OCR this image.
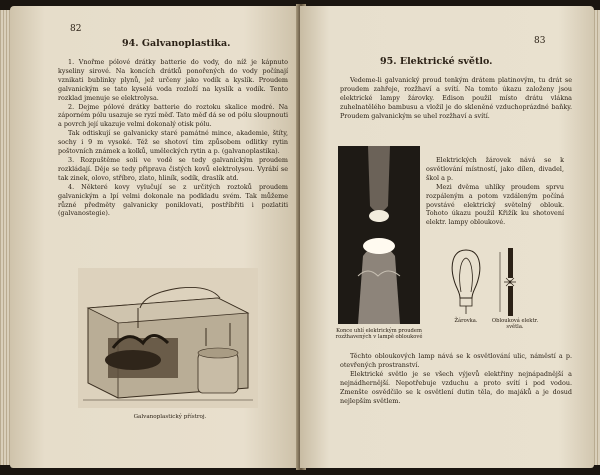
82
94. Galvanoplastika.

1. Vnořme pólové drátky batterie do vody, do níž je kápnuto kyseliny sirové. Na koncích drátků ponořených do vody počínají vznikati bublinky plynů, jež určeny jako vodík a kyslík. Proudem galvanickým se tato kyselá voda rozloží na kyslík a vodík. Tento rozklad jmenuje se elektrolysa.

2. Dejme pólové drátky batterie do roztoku skalice modré. Na záporném pólu usazuje se ryzí měď. Tato měď dá se od pólu sloupnouti a povrch její ukazuje velmi dokonalý otisk pólu.

Tak odtiskují se galvanicky staré památné mince, akademie, štíty, sochy i 9 m vysoké. Též se shotoví tím způsobem odlitky rytin poštovních známek a kolků, uměleckých rytin a p. (galvanoplastika).

3. Rozpuštěme soli ve vodě se tedy galvanickým proudem rozkládají. Děje se tedy připrava čistých kovů elektrolysou. Vyrábí se tak zinek, olovo, stříbro, zlato, hliník, sodík, draslík atd.

4. Některé kovy vylučují se z určitých roztoků proudem galvanickým a lpí velmi dokonale na podkladu svém. Tak můžeme různé předměty galvanicky poniklovati, postříbřiti i pozlatiti (galvanostegie).

Galvanoplastický přístroj.
83
95. Elektrické světlo.

Vedeme-li galvanický proud tenkým drátem platinovým, tu drát se proudem zahřeje, rozžhaví a svítí. Na tomto úkazu založeny jsou elektrické lampy žárovky. Edison použil místo drátu vlákna zuhelnatělého bambusu a vložil je do skleněné vzduchoprázdné baňky. Proudem galvanickým se uhel rozžhaví a svítí.

Konce uhlí elektrickým proudem rozžhavených v lampě obloukové

Elektrických žárovek nává se k osvětlování místností, jako dílen, divadel, škol a p.

Mezi dvěma uhlíky proudem sprvu rozpáleným a potom vzdáleným počíná povstávé elektrický světelný oblouk. Tohoto úkazu použil Křižík ku shotovení elektr. lampy obloukové.

Žárovka.	Oblouková elektr. světla.

Těchto obloukových lamp nává se k osvětlování ulic, náměstí a p. otevřených prostranství.

Elektrické světlo je se všech výjevů elektřiny nejnápadnější a nejnádhernější. Nepotřebuje vzduchu a proto svítí i pod vodou. Zmenšte osvědčilo se k osvětlení dutin těla, do majáků a je dosud nejlepším světlem.
